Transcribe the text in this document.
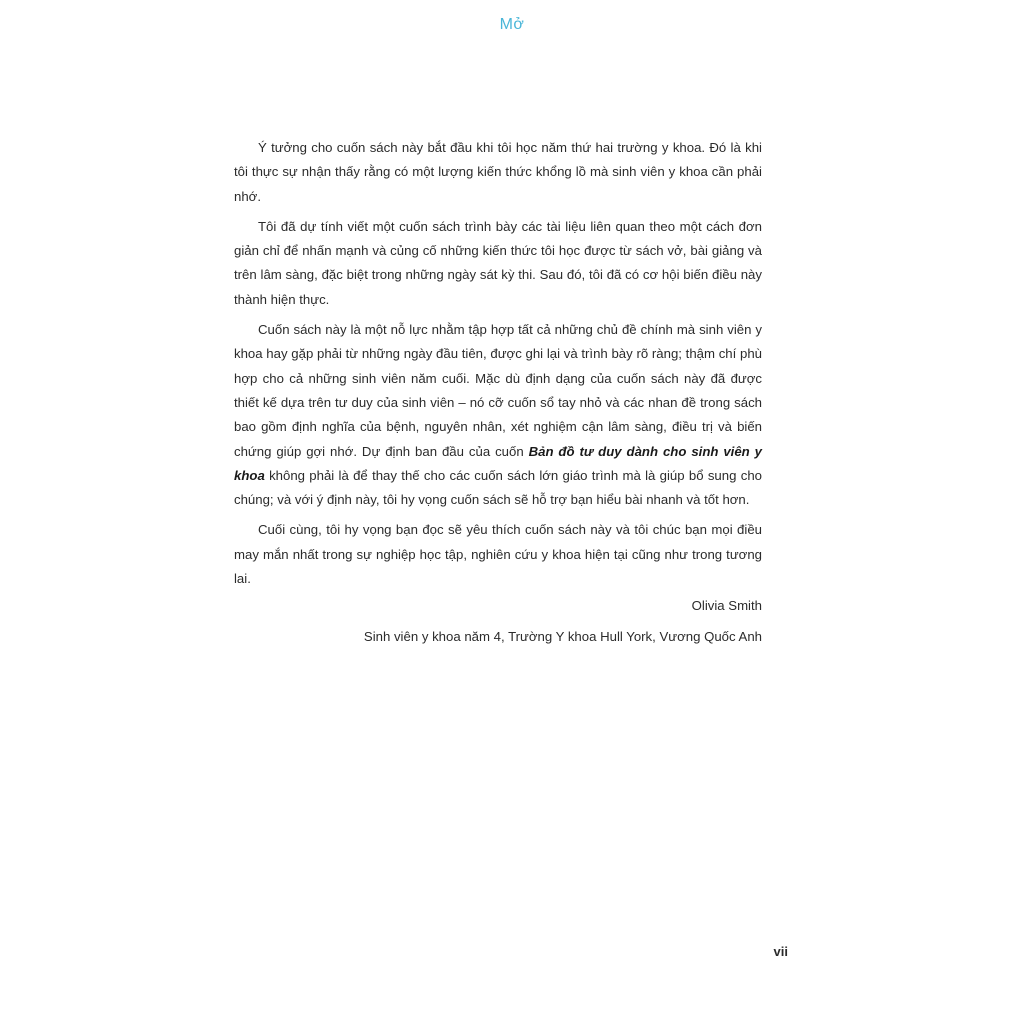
Mở

Ý tưởng cho cuốn sách này bắt đầu khi tôi học năm thứ hai trường y khoa. Đó là khi tôi thực sự nhận thấy rằng có một lượng kiến thức khổng lồ mà sinh viên y khoa cần phải nhớ.

Tôi đã dự tính viết một cuốn sách trình bày các tài liệu liên quan theo một cách đơn giản chỉ để nhấn mạnh và củng cố những kiến thức tôi học được từ sách vở, bài giảng và trên lâm sàng, đặc biệt trong những ngày sát kỳ thi. Sau đó, tôi đã có cơ hội biến điều này thành hiện thực.

Cuốn sách này là một nỗ lực nhằm tập hợp tất cả những chủ đề chính mà sinh viên y khoa hay gặp phải từ những ngày đầu tiên, được ghi lại và trình bày rõ ràng; thậm chí phù hợp cho cả những sinh viên năm cuối. Mặc dù định dạng của cuốn sách này đã được thiết kế dựa trên tư duy của sinh viên – nó cỡ cuốn sổ tay nhỏ và các nhan đề trong sách bao gồm định nghĩa của bệnh, nguyên nhân, xét nghiệm cận lâm sàng, điều trị và biến chứng giúp gợi nhớ. Dự định ban đầu của cuốn Bản đồ tư duy dành cho sinh viên y khoa không phải là để thay thế cho các cuốn sách lớn giáo trình mà là giúp bổ sung cho chúng; và với ý định này, tôi hy vọng cuốn sách sẽ hỗ trợ bạn hiểu bài nhanh và tốt hơn.

Cuối cùng, tôi hy vọng bạn đọc sẽ yêu thích cuốn sách này và tôi chúc bạn mọi điều may mắn nhất trong sự nghiệp học tập, nghiên cứu y khoa hiện tại cũng như trong tương lai.

Olivia Smith
Sinh viên y khoa năm 4, Trường Y khoa Hull York, Vương Quốc Anh
vii
